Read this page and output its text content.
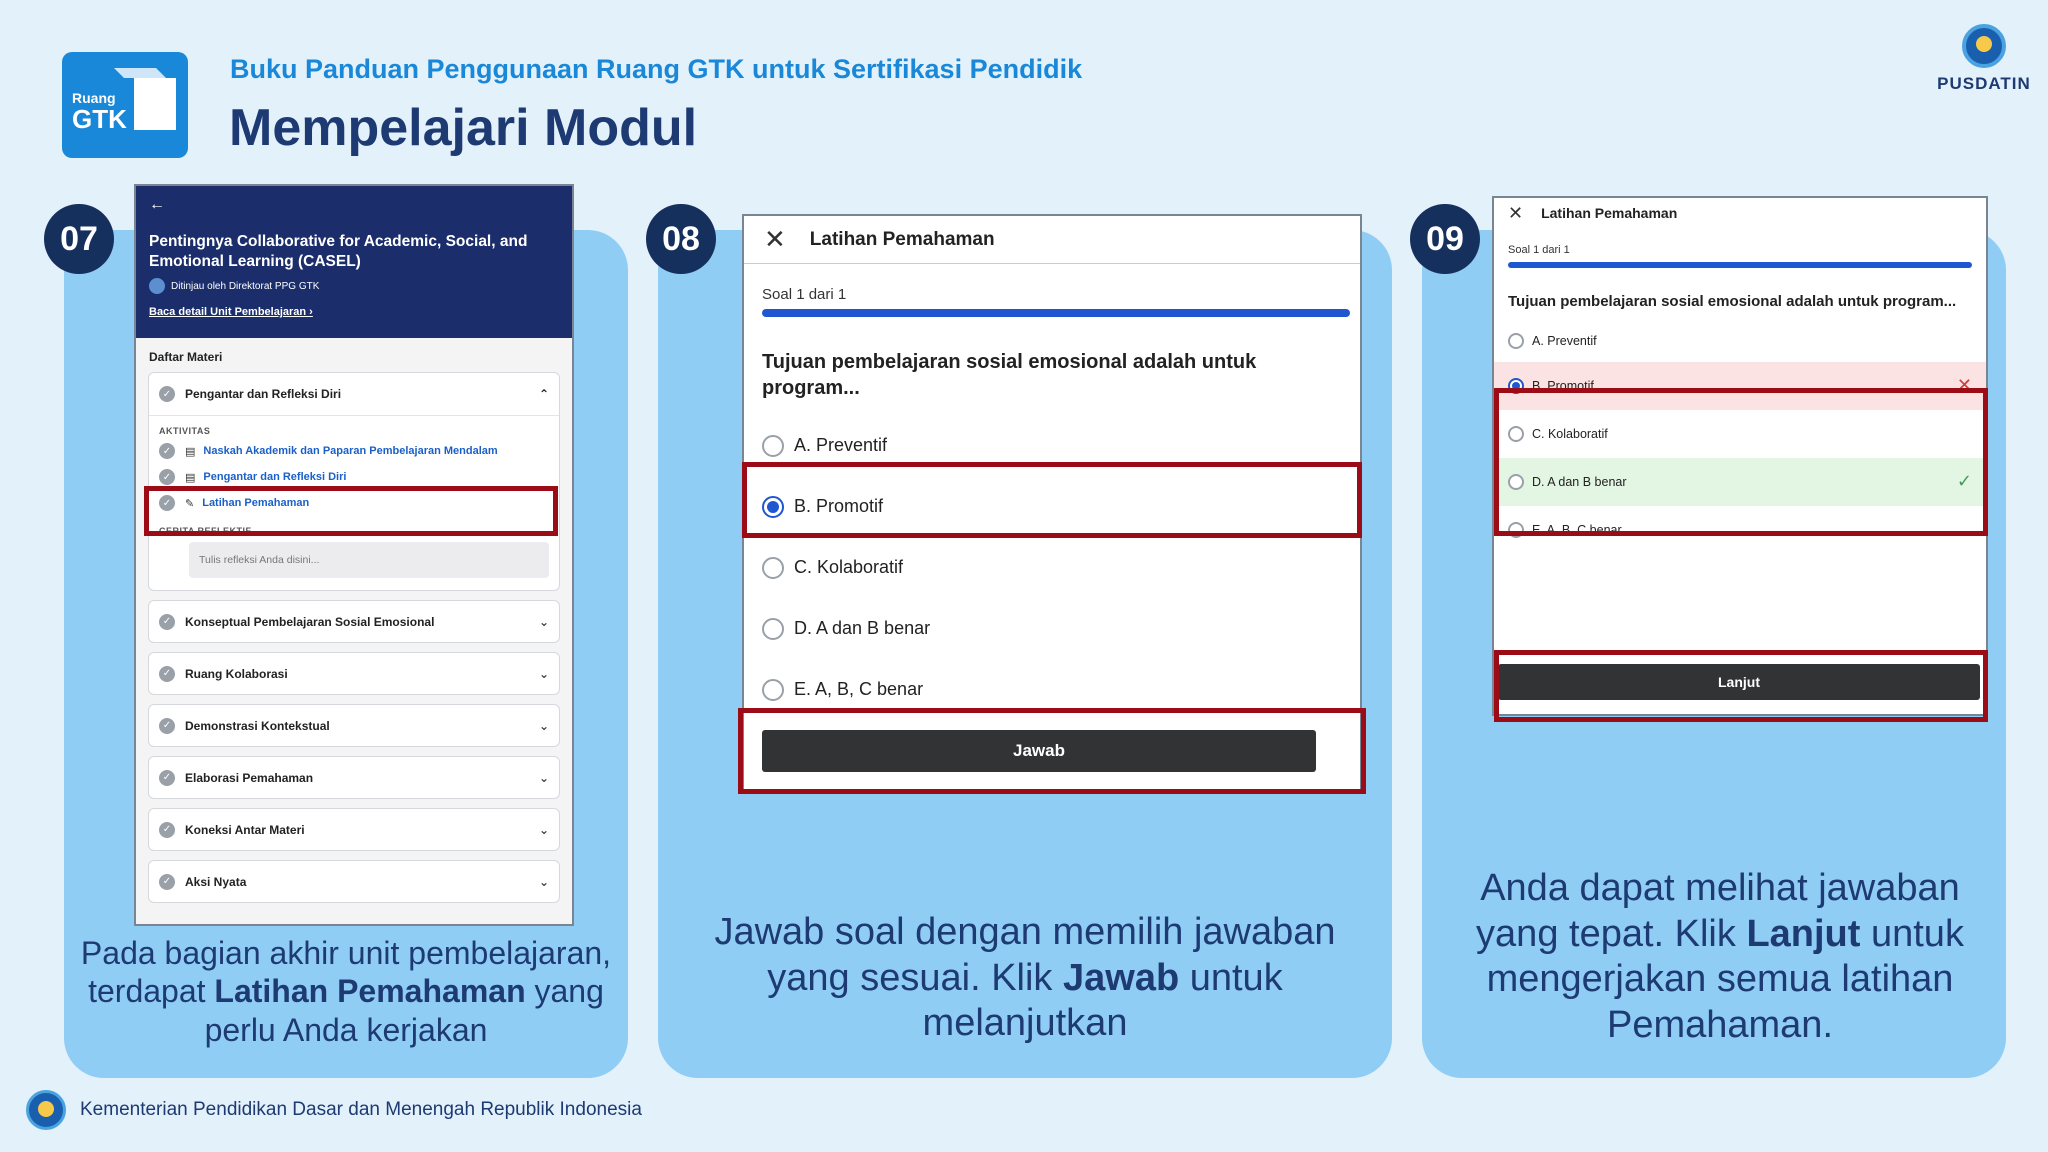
Ruang
GTK
Buku Panduan Penggunaan Ruang GTK untuk Sertifikasi Pendidik
Mempelajari Modul
PUSDATIN
07	08	09
←
Pentingnya Collaborative for Academic, Social, and Emotional Learning (CASEL)
Ditinjau oleh Direktorat PPG GTK
Baca detail Unit Pembelajaran ›
Daftar Materi
✓	Pengantar dan Refleksi Diri	⌃
AKTIVITAS
✓	▤ Naskah Akademik dan Paparan Pembelajaran Mendalam
✓	▤ Pengantar dan Refleksi Diri
✓	✎ Latihan Pemahaman
CERITA REFLEKTIF
Tulis refleksi Anda disini...
✓	Konseptual Pembelajaran Sosial Emosional	⌄
✓	Ruang Kolaborasi	⌄
✓	Demonstrasi Kontekstual	⌄
✓	Elaborasi Pemahaman	⌄
✓	Koneksi Antar Materi	⌄
✓	Aksi Nyata	⌄
Pada bagian akhir unit pembelajaran, terdapat Latihan Pemahaman yang perlu Anda kerjakan
✕ Latihan Pemahaman
Soal 1 dari 1
Tujuan pembelajaran sosial emosional adalah untuk program...
A. Preventif
B. Promotif
C. Kolaboratif
D. A dan B benar
E. A, B, C benar
Jawab
Jawab soal dengan memilih jawaban yang sesuai. Klik Jawab untuk melanjutkan
✕ Latihan Pemahaman
Soal 1 dari 1
Tujuan pembelajaran sosial emosional adalah untuk program...
A. Preventif
B. Promotif	✕
C. Kolaboratif
D. A dan B benar	✓
E. A, B, C benar
Lanjut
Anda dapat melihat jawaban yang tepat. Klik Lanjut untuk mengerjakan semua latihan Pemahaman.
Kementerian Pendidikan Dasar dan Menengah Republik Indonesia
